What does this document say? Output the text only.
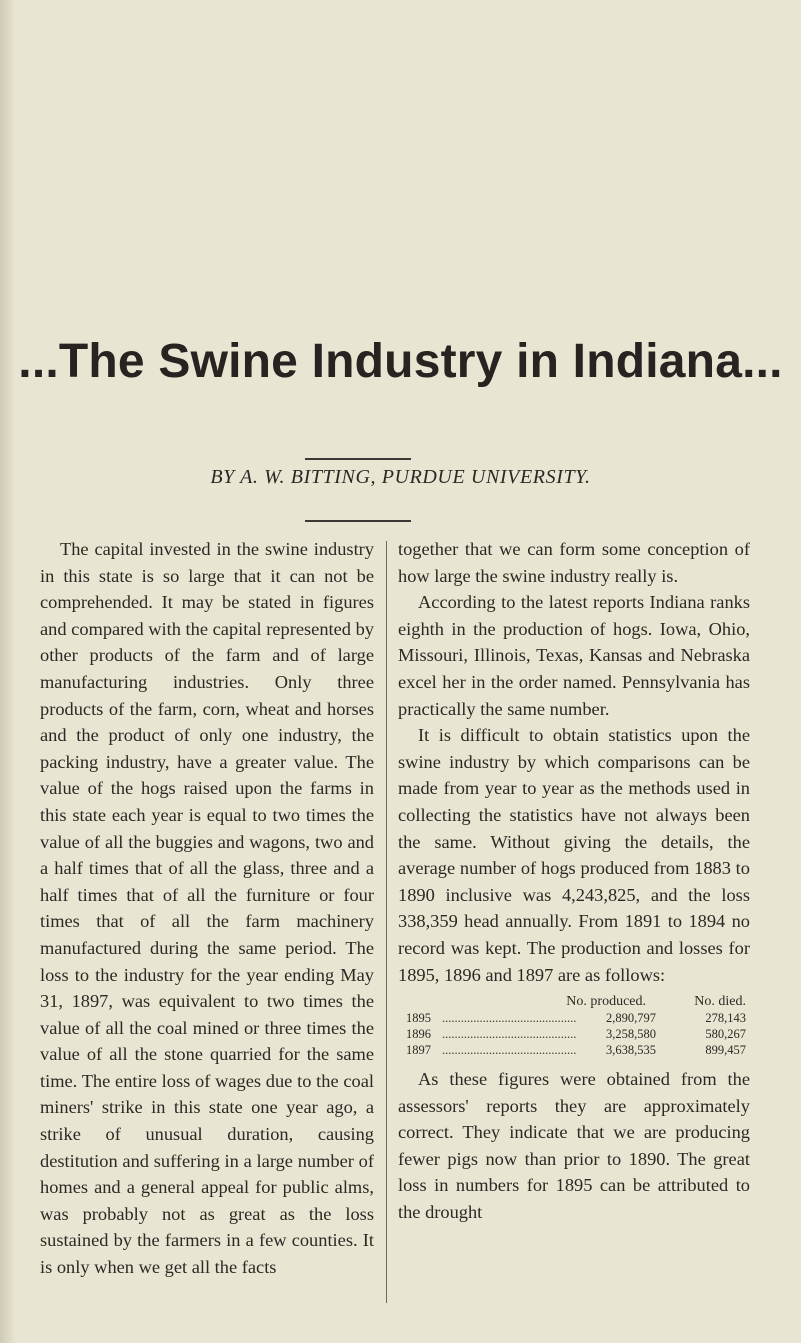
...The Swine Industry in Indiana...
BY A. W. BITTING, PURDUE UNIVERSITY.

The capital invested in the swine industry in this state is so large that it can not be comprehended. It may be stated in figures and compared with the capital represented by other products of the farm and of large manufacturing industries. Only three products of the farm, corn, wheat and horses and the product of only one industry, the packing industry, have a greater value. The value of the hogs raised upon the farms in this state each year is equal to two times the value of all the buggies and wagons, two and a half times that of all the glass, three and a half times that of all the furniture or four times that of all the farm machinery manufactured during the same period. The loss to the industry for the year ending May 31, 1897, was equivalent to two times the value of all the coal mined or three times the value of all the stone quarried for the same time. The entire loss of wages due to the coal miners' strike in this state one year ago, a strike of unusual duration, causing destitution and suffering in a large number of homes and a general appeal for public alms, was probably not as great as the loss sustained by the farmers in a few counties. It is only when we get all the facts

together that we can form some conception of how large the swine industry really is.

According to the latest reports Indiana ranks eighth in the production of hogs. Iowa, Ohio, Missouri, Illinois, Texas, Kansas and Nebraska excel her in the order named. Pennsylvania has practically the same number.

It is difficult to obtain statistics upon the swine industry by which comparisons can be made from year to year as the methods used in collecting the statistics have not always been the same. Without giving the details, the average number of hogs produced from 1883 to 1890 inclusive was 4,243,825, and the loss 338,359 head annually. From 1891 to 1894 no record was kept. The production and losses for 1895, 1896 and 1897 are as follows:

No. produced.			No. died.
1895	.....	2,890,797	278,143
1896	.....	3,258,580	580,267
1897	.....	3,638,535	899,457

As these figures were obtained from the assessors' reports they are approximately correct. They indicate that we are producing fewer pigs now than prior to 1890. The great loss in numbers for 1895 can be attributed to the drought
